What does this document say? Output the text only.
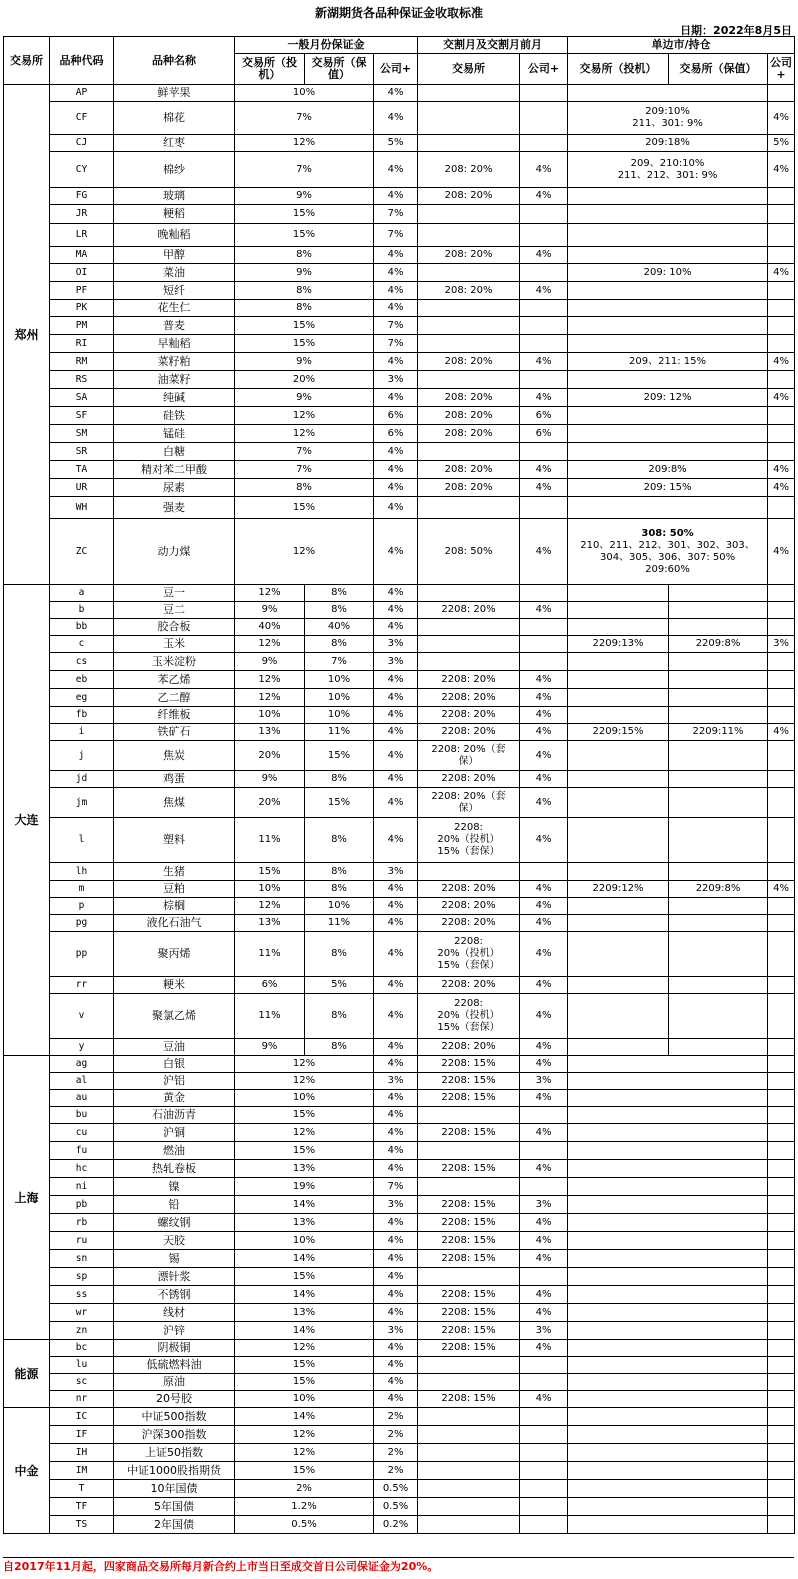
新湖期货各品种保证金收取标准
日期：2022年8月5日
交易所	品种代码	品种名称	一般月份保证金			交割月及交割月前月		单边市/持仓		
			交易所（投机）	交易所（保值）	公司+	交易所	公司+	交易所（投机）	交易所（保值）	公司+
郑州	AP	鲜苹果	10%		4%				

	CF	棉花	7%		4%			209:10%
211、301: 9%		4%
	CJ	红枣	12%		5%			209:18%		5%
	CY	棉纱	7%		4%	208: 20%	4%	209、210:10%
211、212、301: 9%		4%
	FG	玻璃	9%		4%	208: 20%	4%		

	JR	粳稻	15%		7%				

	LR	晚籼稻	15%		7%				

	MA	甲醇	8%		4%	208: 20%	4%		

	OI	菜油	9%		4%			209: 10%		4%
	PF	短纤	8%		4%	208: 20%	4%		

	PK	花生仁	8%		4%				

	PM	普麦	15%		7%				

	RI	早籼稻	15%		7%				

	RM	菜籽粕	9%		4%	208: 20%	4%	209、211: 15%		4%
	RS	油菜籽	20%		3%				

	SA	纯碱	9%		4%	208: 20%	4%	209: 12%		4%
	SF	硅铁	12%		6%	208: 20%	6%		

	SM	锰硅	12%		6%	208: 20%	6%		

	SR	白糖	7%		4%				

	TA	精对苯二甲酸	7%		4%	208: 20%	4%	209:8%		4%
	UR	尿素	8%		4%	208: 20%	4%	209: 15%		4%
	WH	强麦	15%		4%				

	ZC	动力煤	12%		4%	208: 50%	4%	308: 50%
210、211、212、301、302、303、
304、305、306、307: 50%
209:60%		4%
大连	a	豆一	12%	8%	4%					
	b	豆二	9%	8%	4%	2208: 20%	4%			
	bb	胶合板	40%	40%	4%					
	c	玉米	12%	8%	3%			2209:13%	2209:8%	3%
	cs	玉米淀粉	9%	7%	3%					
	eb	苯乙烯	12%	10%	4%	2208: 20%	4%			
	eg	乙二醇	12%	10%	4%	2208: 20%	4%			
	fb	纤维板	10%	10%	4%	2208: 20%	4%			
	i	铁矿石	13%	11%	4%	2208: 20%	4%	2209:15%	2209:11%	4%
	j	焦炭	20%	15%	4%	2208: 20%（套
保）	4%			
	jd	鸡蛋	9%	8%	4%	2208: 20%	4%			
	jm	焦煤	20%	15%	4%	2208: 20%（套
保）	4%			
	l	塑料	11%	8%	4%	2208:
20%（投机）
15%（套保）	4%			
	lh	生猪	15%	8%	3%					
	m	豆粕	10%	8%	4%	2208: 20%	4%	2209:12%	2209:8%	4%
	p	棕榈	12%	10%	4%	2208: 20%	4%			
	pg	液化石油气	13%	11%	4%	2208: 20%	4%			
	pp	聚丙烯	11%	8%	4%	2208:
20%（投机）
15%（套保）	4%			
	rr	粳米	6%	5%	4%	2208: 20%	4%			
	v	聚氯乙烯	11%	8%	4%	2208:
20%（投机）
15%（套保）	4%			
	y	豆油	9%	8%	4%	2208: 20%	4%			
上海	ag	白银	12%		4%	2208: 15%	4%			
	al	沪铝	12%		3%	2208: 15%	3%			
	au	黄金	10%		4%	2208: 15%	4%			
	bu	石油沥青	15%		4%					
	cu	沪铜	12%		4%	2208: 15%	4%			
	fu	燃油	15%		4%					
	hc	热轧卷板	13%		4%	2208: 15%	4%			
	ni	镍	19%		7%					
	pb	铅	14%		3%	2208: 15%	3%			
	rb	螺纹钢	13%		4%	2208: 15%	4%			
	ru	天胶	10%		4%	2208: 15%	4%			
	sn	锡	14%		4%	2208: 15%	4%			
	sp	漂针浆	15%		4%					
	ss	不锈钢	14%		4%	2208: 15%	4%			
	wr	线材	13%		4%	2208: 15%	4%			
	zn	沪锌	14%		3%	2208: 15%	3%			
能源	bc	阴极铜	12%		4%	2208: 15%	4%			
	lu	低硫燃料油	15%		4%					
	sc	原油	15%		4%					
	nr	20号胶	10%		4%	2208: 15%	4%			
中金	IC	中证500指数	14%		2%					
	IF	沪深300指数	12%		2%					
	IH	上证50指数	12%		2%					
	IM	中证1000股指期货	15%		2%					
	T	10年国债	2%		0.5%					
	TF	5年国债	1.2%		0.5%					
	TS	2年国债	0.5%		0.2%					
自2017年11月起，四家商品交易所每月新合约上市当日至成交首日公司保证金为20%。
